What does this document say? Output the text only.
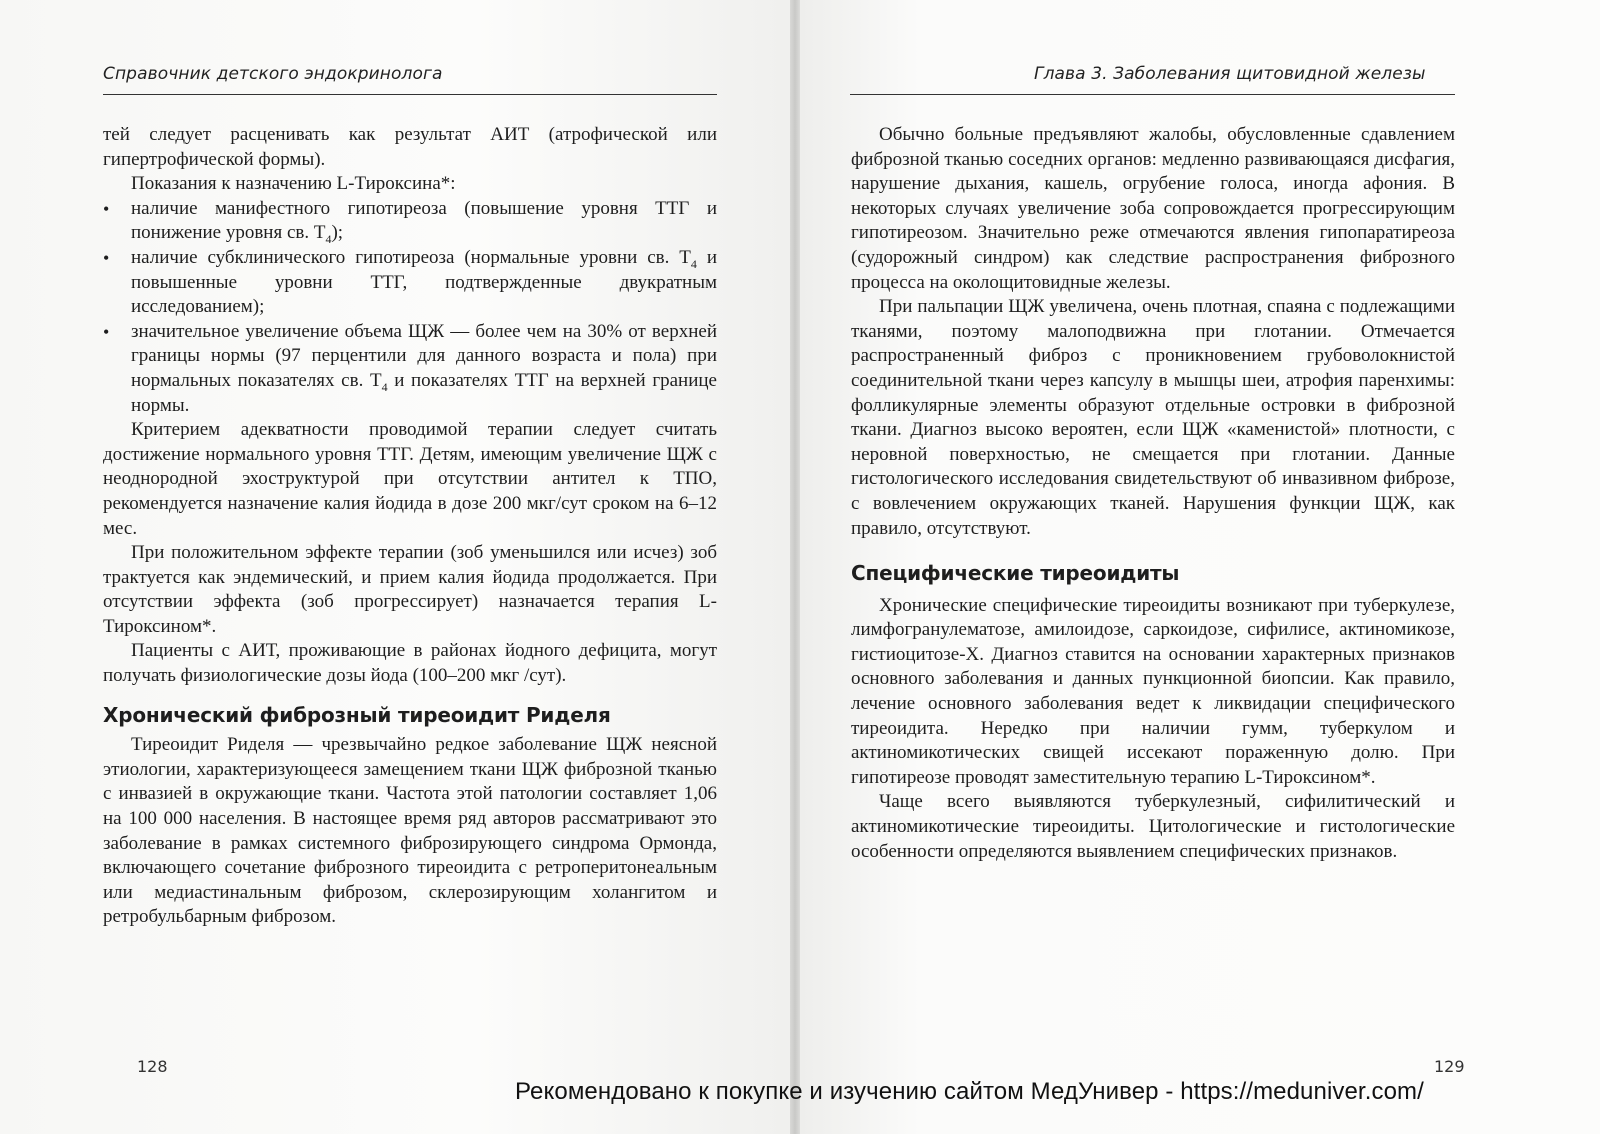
Справочник детского эндокринолога

тей следует расценивать как результат АИТ (атрофической или гипертрофической формы).

Показания к назначению L-Тироксина*:

• наличие манифестного гипотиреоза (повышение уровня ТТГ и понижение уровня св. $T_4$);
• наличие субклинического гипотиреоза (нормальные уровни св. $T_4$ и повышенные уровни ТТГ, подтвержденные двукратным исследованием);
• значительное увеличение объема ЩЖ — более чем на 30% от верхней границы нормы (97 перцентили для данного возраста и пола) при нормальных показателях св. $T_4$ и показателях ТТГ на верхней границе нормы.

Критерием адекватности проводимой терапии следует считать достижение нормального уровня ТТГ. Детям, имеющим увеличение ЩЖ с неоднородной эхоструктурой при отсутствии антител к ТПО, рекомендуется назначение калия йодида в дозе 200 мкг/сут сроком на 6–12 мес.

При положительном эффекте терапии (зоб уменьшился или исчез) зоб трактуется как эндемический, и прием калия йодида продолжается. При отсутствии эффекта (зоб прогрессирует) назначается терапия L-Тироксином*.

Пациенты с АИТ, проживающие в районах йодного дефицита, могут получать физиологические дозы йода (100–200 мкг /сут).

Хронический фиброзный тиреоидит Риделя

Тиреоидит Риделя — чрезвычайно редкое заболевание ЩЖ неясной этиологии, характеризующееся замещением ткани ЩЖ фиброзной тканью с инвазией в окружающие ткани. Частота этой патологии составляет 1,06 на 100 000 населения. В настоящее время ряд авторов рассматривают это заболевание в рамках системного фиброзирующего синдрома Ормонда, включающего сочетание фиброзного тиреоидита с ретроперитонеальным или медиастинальным фиброзом, склерозирующим холангитом и ретробульбарным фиброзом.

128
Глава 3. Заболевания щитовидной железы

Обычно больные предъявляют жалобы, обусловленные сдавлением фиброзной тканью соседних органов: медленно развивающаяся дисфагия, нарушение дыхания, кашель, огрубение голоса, иногда афония. В некоторых случаях увеличение зоба сопровождается прогрессирующим гипотиреозом. Значительно реже отмечаются явления гипопаратиреоза (судорожный синдром) как следствие распространения фиброзного процесса на околощитовидные железы.

При пальпации ЩЖ увеличена, очень плотная, спаяна с подлежащими тканями, поэтому малоподвижна при глотании. Отмечается распространенный фиброз с проникновением грубоволокнистой соединительной ткани через капсулу в мышцы шеи, атрофия паренхимы: фолликулярные элементы образуют отдельные островки в фиброзной ткани. Диагноз высоко вероятен, если ЩЖ «каменистой» плотности, с неровной поверхностью, не смещается при глотании. Данные гистологического исследования свидетельствуют об инвазивном фиброзе, с вовлечением окружающих тканей. Нарушения функции ЩЖ, как правило, отсутствуют.

Специфические тиреоидиты

Хронические специфические тиреоидиты возникают при туберкулезе, лимфогранулематозе, амилоидозе, саркоидозе, сифилисе, актиномикозе, гистиоцитозе-Х. Диагноз ставится на основании характерных признаков основного заболевания и данных пункционной биопсии. Как правило, лечение основного заболевания ведет к ликвидации специфического тиреоидита. Нередко при наличии гумм, туберкулом и актиномикотических свищей иссекают пораженную долю. При гипотиреозе проводят заместительную терапию L-Тироксином*.

Чаще всего выявляются туберкулезный, сифилитический и актиномикотические тиреоидиты. Цитологические и гистологические особенности определяются выявлением специфических признаков.

129
Рекомендовано к покупке и изучению сайтом МедУнивер - https://meduniver.com/
